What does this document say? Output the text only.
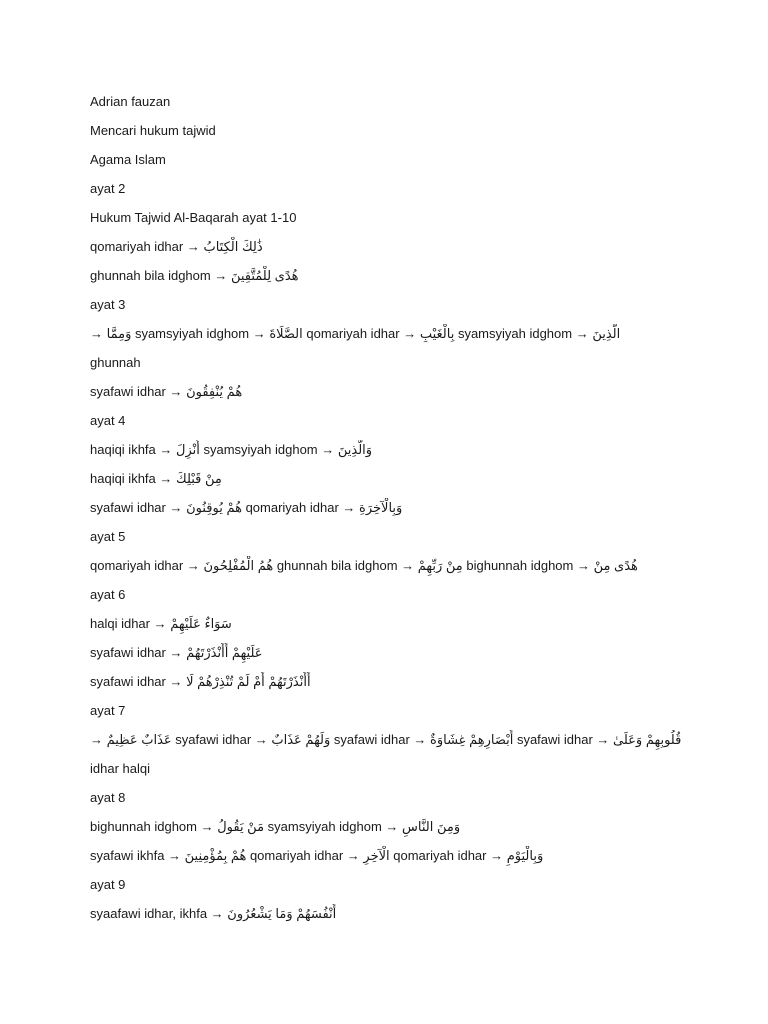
Adrian fauzan
Mencari hukum tajwid
Agama Islam
ayat 2
Hukum Tajwid Al-Baqarah ayat 1-10
qomariyah idhar → ذَٰلِكَ الْكِتَابُ
ghunnah bila idghom → هُدًى لِلْمُتَّقِينَ
ayat 3
→ وَمِمَّا syamsyiyah idghom → الصَّلَاةَ qomariyah idhar → بِالْغَيْبِ syamsyiyah idghom → الَّذِينَ
ghunnah
syafawi idhar → هُمْ يُنْفِقُونَ
ayat 4
haqiqi ikhfa → أُنْزِلَ syamsyiyah idghom → وَالَّذِينَ
haqiqi ikhfa → مِنْ قَبْلِكَ
syafawi idhar → هُمْ يُوقِنُونَ qomariyah idhar → وَبِالْآخِرَةِ
ayat 5
qomariyah idhar → هُمُ الْمُفْلِحُونَ ghunnah bila idghom → مِنْ رَبِّهِمْ bighunnah idghom → هُدًى مِنْ
ayat 6
halqi idhar → سَوَاءٌ عَلَيْهِمْ
syafawi idhar → عَلَيْهِمْ أَأَنْذَرْتَهُمْ
syafawi idhar → أَأَنْذَرْتَهُمْ أَمْ لَمْ تُنْذِرْهُمْ لَا
ayat 7
→ عَذَابٌ عَظِيمٌ syafawi idhar → وَلَهُمْ عَذَابٌ syafawi idhar → أَبْصَارِهِمْ غِشَاوَةٌ syafawi idhar → قُلُوبِهِمْ وَعَلَىٰ
idhar halqi
ayat 8
bighunnah idghom → مَنْ يَقُولُ syamsyiyah idghom → وَمِنَ النَّاسِ
syafawi ikhfa → هُمْ بِمُؤْمِنِينَ qomariyah idhar → الْآخِرِ qomariyah idhar → وَبِالْيَوْمِ
ayat 9
syaafawi idhar, ikhfa → أَنْفُسَهُمْ وَمَا يَشْعُرُونَ
